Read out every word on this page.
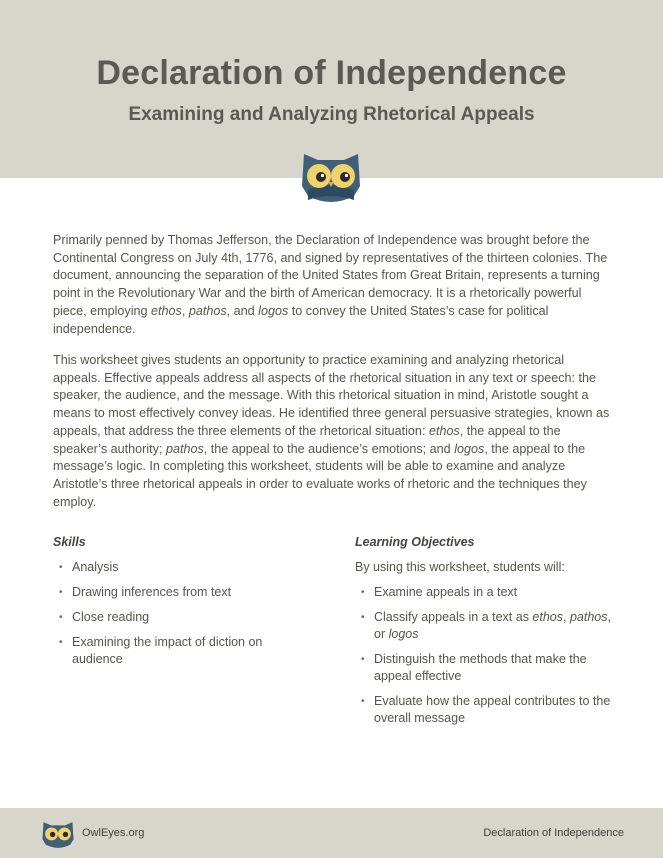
Declaration of Independence
Examining and Analyzing Rhetorical Appeals

Primarily penned by Thomas Jefferson, the Declaration of Independence was brought before the Continental Congress on July 4th, 1776, and signed by representatives of the thirteen colonies. The document, announcing the separation of the United States from Great Britain, represents a turning point in the Revolutionary War and the birth of American democracy. It is a rhetorically powerful piece, employing ethos, pathos, and logos to convey the United States’s case for political independence.

This worksheet gives students an opportunity to practice examining and analyzing rhetorical appeals. Effective appeals address all aspects of the rhetorical situation in any text or speech: the speaker, the audience, and the message. With this rhetorical situation in mind, Aristotle sought a means to most effectively convey ideas. He identified three general persuasive strategies, known as appeals, that address the three elements of the rhetorical situation: ethos, the appeal to the speaker’s authority; pathos, the appeal to the audience’s emotions; and logos, the appeal to the message’s logic. In completing this worksheet, students will be able to examine and analyze Aristotle’s three rhetorical appeals in order to evaluate works of rhetoric and the techniques they employ.

Skills
• Analysis
• Drawing inferences from text
• Close reading
• Examining the impact of diction on audience
Learning Objectives
By using this worksheet, students will:
• Examine appeals in a text
• Classify appeals in a text as ethos, pathos, or logos
• Distinguish the methods that make the appeal effective
• Evaluate how the appeal contributes to the overall message
OwlEyes.org	Declaration of Independence
